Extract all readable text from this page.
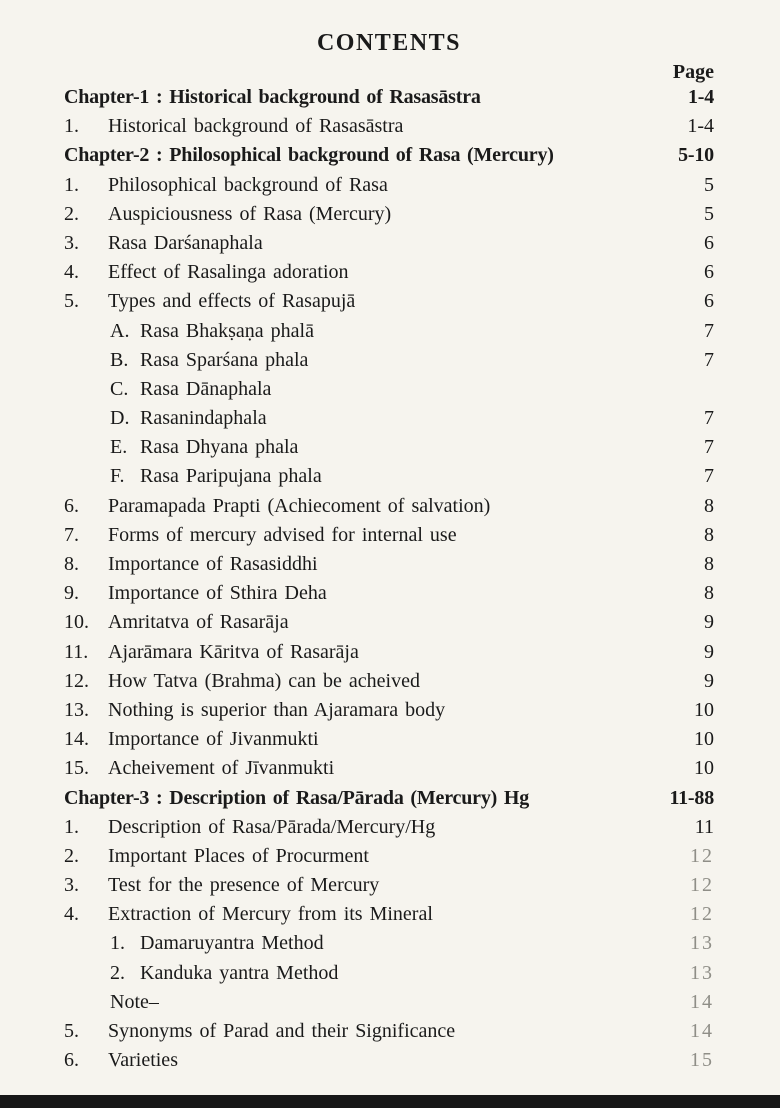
CONTENTS
Page
Chapter-1 : Historical background of Rasasāstra	1-4
1.	Historical background of Rasasāstra	1-4
Chapter-2 : Philosophical background of Rasa (Mercury)	5-10
1.	Philosophical background of Rasa	5
2.	Auspiciousness of Rasa (Mercury)	5
3.	Rasa Darśanaphala	6
4.	Effect of Rasalinga adoration	6
5.	Types and effects of Rasapujā	6
A. Rasa Bhakṣaṇa phalā	7
B. Rasa Sparśana phala	7
C. Rasa Dānaphala
D. Rasanindaphala	7
E. Rasa Dhyana phala	7
F. Rasa Paripujana phala	7
6.	Paramapada Prapti (Achiecoment of salvation)	8
7.	Forms of mercury advised for internal use	8
8.	Importance of Rasasiddhi	8
9.	Importance of Sthira Deha	8
10. Amritatva of Rasarāja	9
11. Ajarāmara Kāritva of Rasarāja	9
12. How Tatva (Brahma) can be acheived	9
13. Nothing is superior than Ajaramara body	10
14. Importance of Jivanmukti	10
15. Acheivement of Jīvanmukti	10
Chapter-3 : Description of Rasa/Pārada (Mercury) Hg	11-88
1.	Description of Rasa/Pārada/Mercury/Hg	11
2.	Important Places of Procurment	12
3.	Test for the presence of Mercury	12
4.	Extraction of Mercury from its Mineral	12
1. Damaruyantra Method	13
2. Kanduka yantra Method	13
Note–	14
5.	Synonyms of Parad and their Significance	14
6.	Varieties	15
